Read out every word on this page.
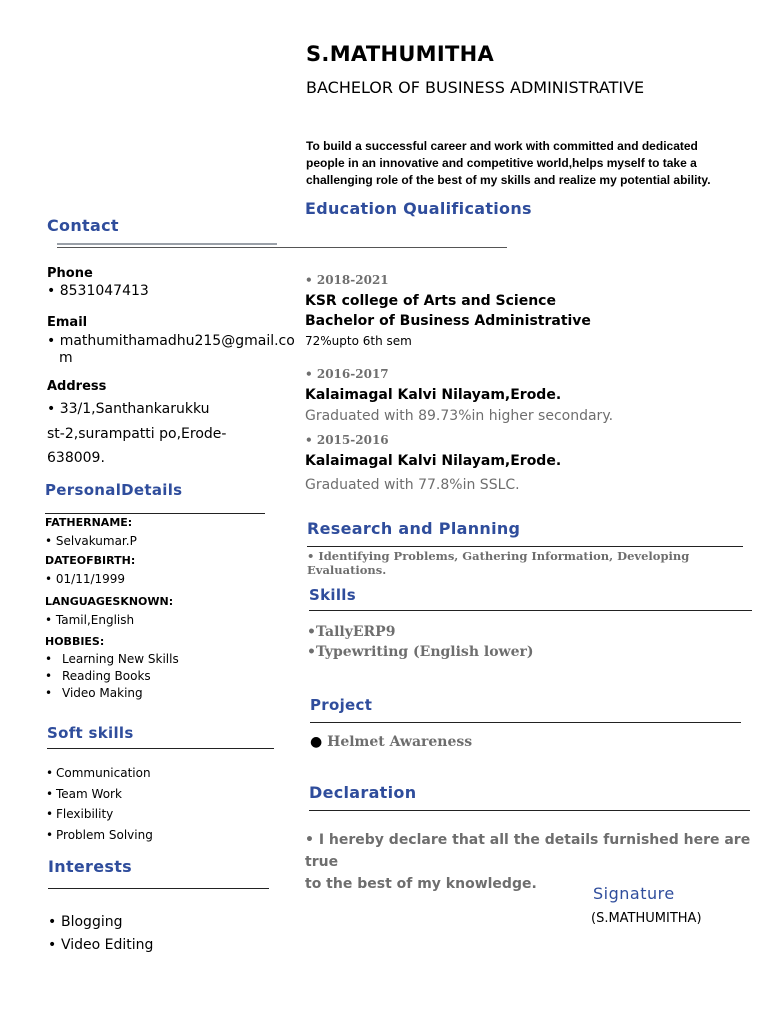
S.MATHUMITHA
BACHELOR OF BUSINESS ADMINISTRATIVE
To build a successful career and work with committed and dedicated people in an innovative and competitive world,helps myself to take a challenging role of the best of my skills and realize my potential ability.
Contact
Phone
• 8531047413
Email
• mathumithamadhu215@gmail.co
m
Address
• 33/1,Santhankarukku
st-2,surampatti po,Erode-
638009.
PersonalDetails
FATHERNAME:
• Selvakumar.P
DATEOFBIRTH:
• 01/11/1999
LANGUAGESKNOWN:
• Tamil,English
HOBBIES:
• Learning New Skills
• Reading Books
• Video Making
Soft skills
• Communication
• Team Work
• Flexibility
• Problem Solving
Interests
• Blogging
• Video Editing
Education Qualifications
• 2018-2021
KSR college of Arts and Science
Bachelor of Business Administrative
72%upto 6th sem
• 2016-2017
Kalaimagal Kalvi Nilayam,Erode.
Graduated with 89.73%in higher secondary.
• 2015-2016
Kalaimagal Kalvi Nilayam,Erode.
Graduated with 77.8%in SSLC.
Research and Planning
• Identifying Problems, Gathering Information, Developing Evaluations.
Skills
•TallyERP9
•Typewriting (English lower)
Project
● Helmet Awareness
Declaration
• I hereby declare that all the details furnished here are true
to the best of my knowledge.	Signature
(S.MATHUMITHA)
